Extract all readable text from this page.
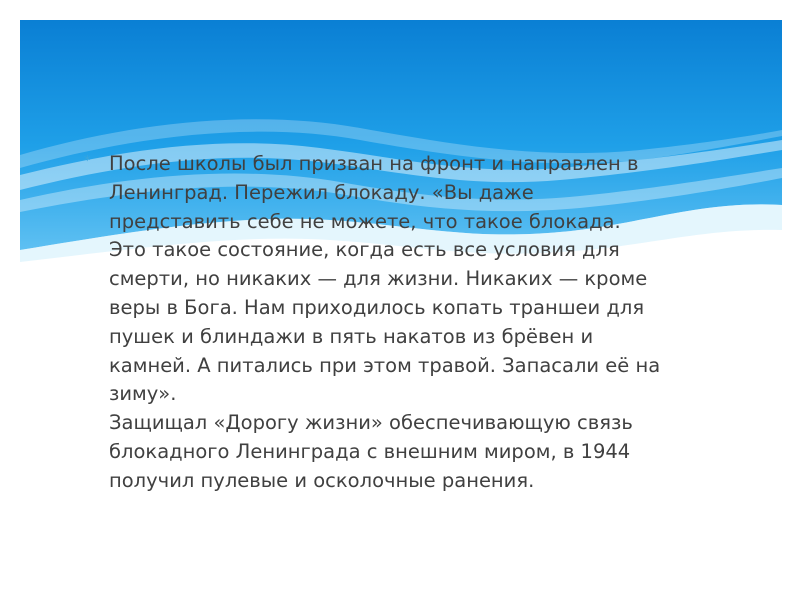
* После школы был призван на фронт и направлен в
Ленинград. Пережил блокаду. «Вы даже
представить себе не можете, что такое блокада.
Это такое состояние, когда есть все условия для
смерти, но никаких — для жизни. Никаких — кроме
веры в Бога. Нам приходилось копать траншеи для
пушек и блиндажи в пять накатов из брёвен и
камней. А питались при этом травой. Запасали её на
зиму».
Защищал «Дорогу жизни» обеспечивающую связь
блокадного Ленинграда с внешним миром, в 1944
получил пулевые и осколочные ранения.
